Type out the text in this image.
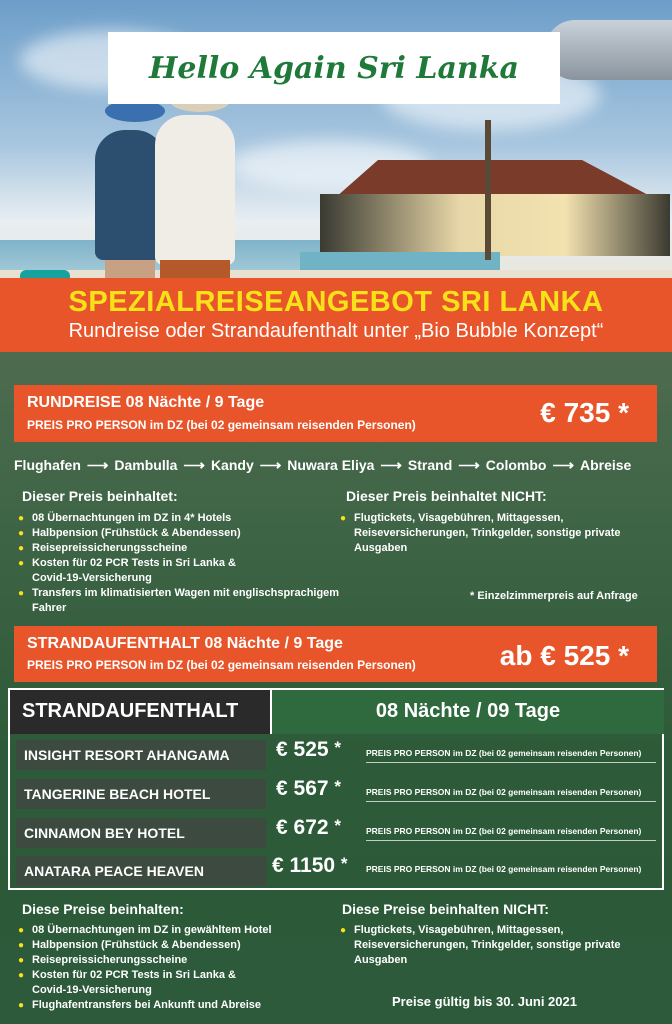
Hello Again Sri Lanka
SPEZIALREISEANGEBOT SRI LANKA
Rundreise oder Strandaufenthalt unter „Bio Bubble Konzept“
RUNDREISE 08 Nächte / 9 Tage
PREIS PRO PERSON im DZ (bei 02 gemeinsam reisenden Personen)	€ 735 *
Flughafen ⟶ Dambulla ⟶ Kandy ⟶ Nuwara Eliya ⟶ Strand ⟶ Colombo ⟶ Abreise
Dieser Preis beinhaltet:
● 08 Übernachtungen im DZ in 4* Hotels
● Halbpension (Frühstück & Abendessen)
● Reisepreissicherungsscheine
● Kosten für 02 PCR Tests in Sri Lanka &
Covid-19-Versicherung
● Transfers im klimatisierten Wagen mit englischsprachigem Fahrer
Dieser Preis beinhaltet NICHT:
● Flugtickets, Visagebühren, Mittagessen,
Reiseversicherungen, Trinkgelder, sonstige private
Ausgaben
* Einzelzimmerpreis auf Anfrage
STRANDAUFENTHALT 08 Nächte / 9 Tage
PREIS PRO PERSON im DZ (bei 02 gemeinsam reisenden Personen)	ab € 525 *
STRANDAUFENTHALT	08 Nächte / 09 Tage
INSIGHT RESORT AHANGAMA	€ 525 *	PREIS PRO PERSON im DZ (bei 02 gemeinsam reisenden Personen)
TANGERINE BEACH HOTEL	€ 567 *	PREIS PRO PERSON im DZ (bei 02 gemeinsam reisenden Personen)
CINNAMON BEY HOTEL	€ 672 *	PREIS PRO PERSON im DZ (bei 02 gemeinsam reisenden Personen)
ANATARA PEACE HEAVEN	€ 1150 * PREIS PRO PERSON im DZ (bei 02 gemeinsam reisenden Personen)
Diese Preise beinhalten:
● 08 Übernachtungen im DZ in gewähltem Hotel
● Halbpension (Frühstück & Abendessen)
● Reisepreissicherungsscheine
● Kosten für 02 PCR Tests in Sri Lanka &
Covid-19-Versicherung
● Flughafentransfers bei Ankunft und Abreise
Diese Preise beinhalten NICHT:
● Flugtickets, Visagebühren, Mittagessen,
Reiseversicherungen, Trinkgelder, sonstige private
Ausgaben
Preise gültig bis 30. Juni 2021
